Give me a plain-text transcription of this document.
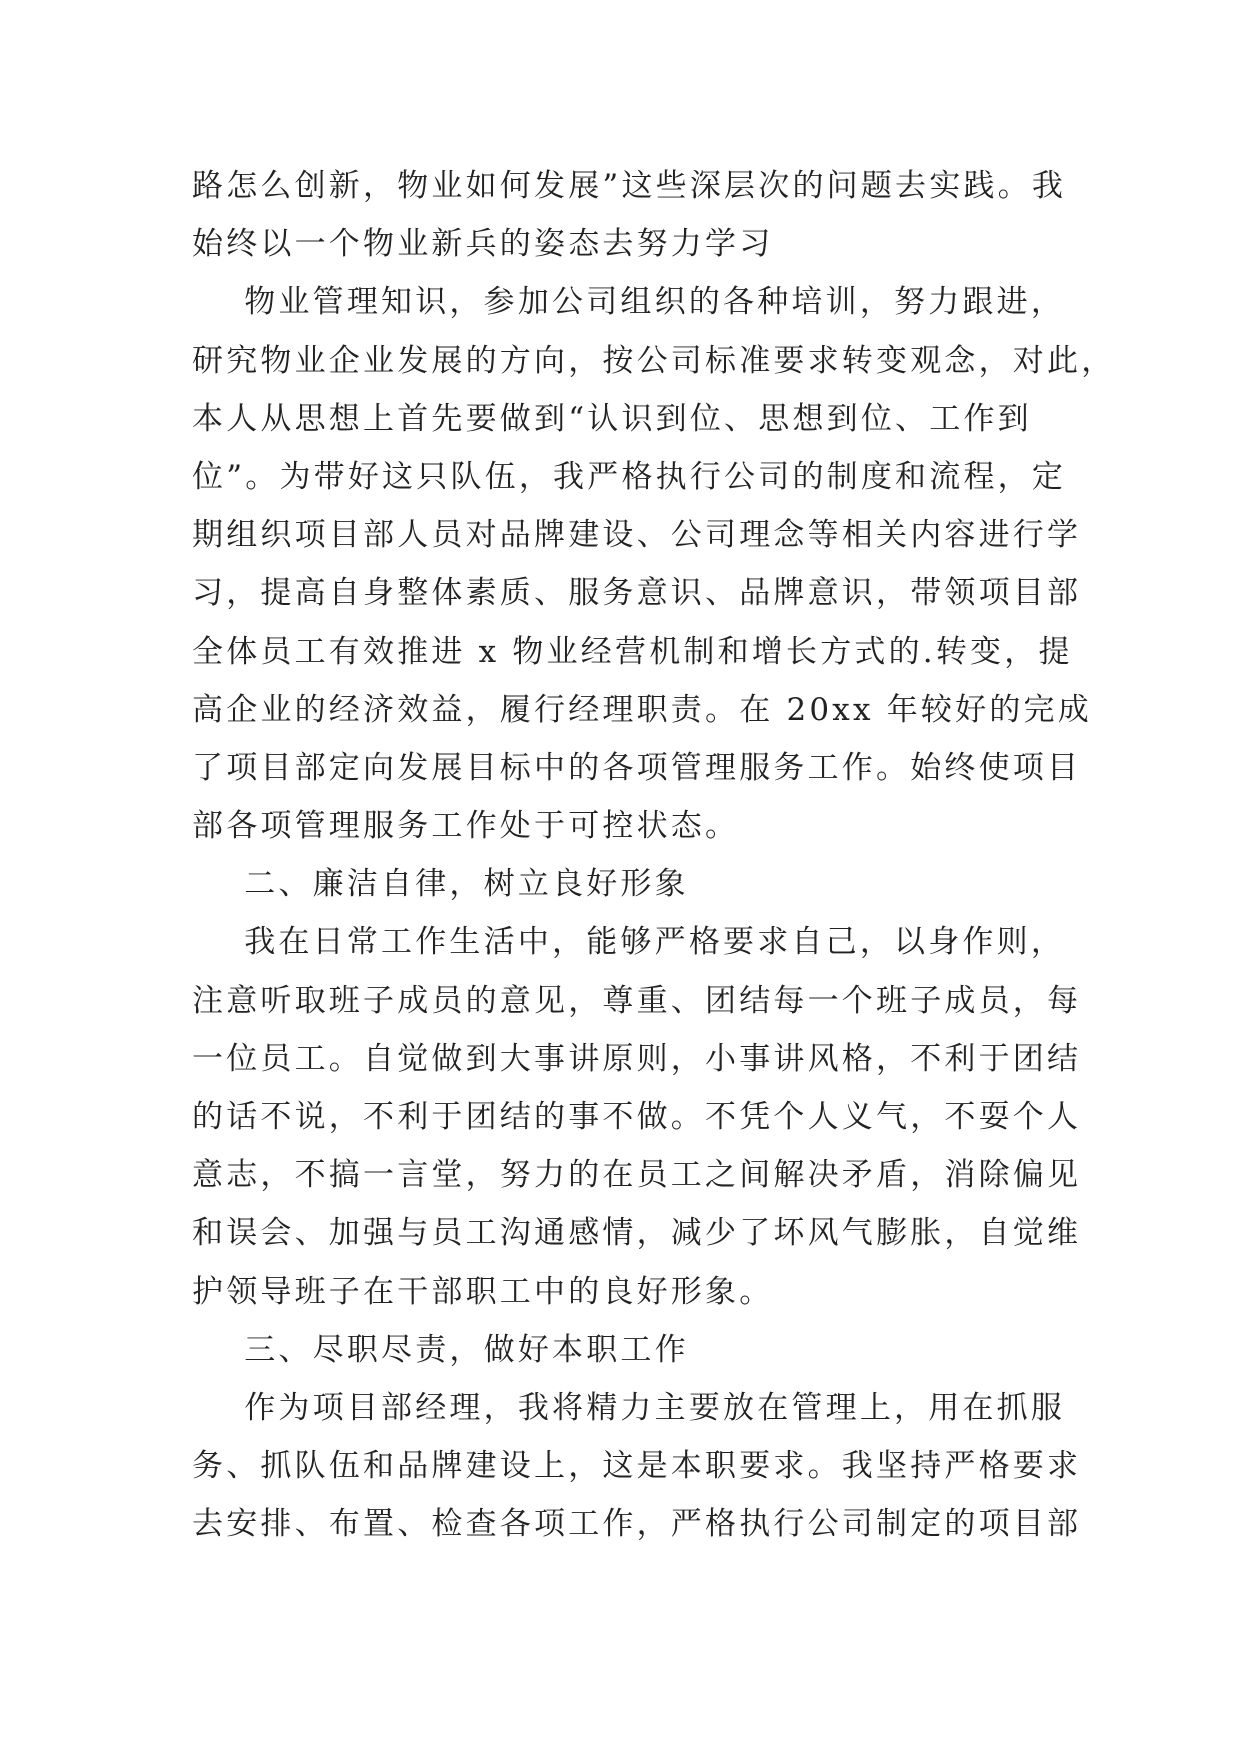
路怎么创新，物业如何发展”这些深层次的问题去实践。我
始终以一个物业新兵的姿态去努力学习
物业管理知识，参加公司组织的各种培训，努力跟进，
研究物业企业发展的方向，按公司标准要求转变观念，对此，
本人从思想上首先要做到“认识到位、思想到位、工作到
位”。为带好这只队伍，我严格执行公司的制度和流程，定
期组织项目部人员对品牌建设、公司理念等相关内容进行学
习，提高自身整体素质、服务意识、品牌意识，带领项目部
全体员工有效推进 x 物业经营机制和增长方式的.转变，提
高企业的经济效益，履行经理职责。在 20xx 年较好的完成
了项目部定向发展目标中的各项管理服务工作。始终使项目
部各项管理服务工作处于可控状态。
二、廉洁自律，树立良好形象
我在日常工作生活中，能够严格要求自己，以身作则，
注意听取班子成员的意见，尊重、团结每一个班子成员，每
一位员工。自觉做到大事讲原则，小事讲风格，不利于团结
的话不说，不利于团结的事不做。不凭个人义气，不耍个人
意志，不搞一言堂，努力的在员工之间解决矛盾，消除偏见
和误会、加强与员工沟通感情，减少了坏风气膨胀，自觉维
护领导班子在干部职工中的良好形象。
三、尽职尽责，做好本职工作
作为项目部经理，我将精力主要放在管理上，用在抓服
务、抓队伍和品牌建设上，这是本职要求。我坚持严格要求
去安排、布置、检查各项工作，严格执行公司制定的项目部
